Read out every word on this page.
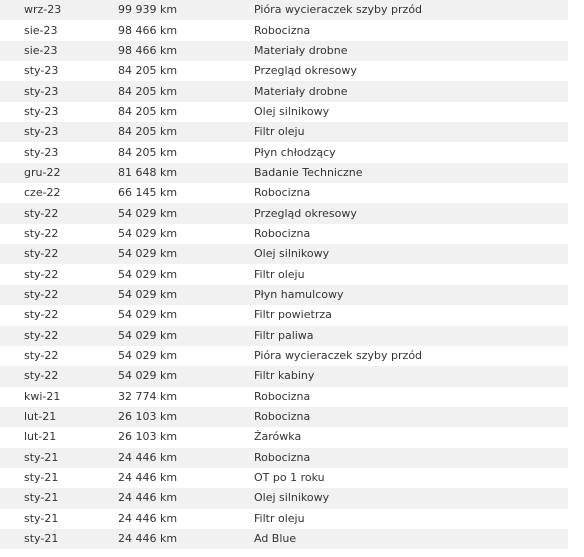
wrz-23	99 939 km	Pióra wycieraczek szyby przód
sie-23	98 466 km	Robocizna
sie-23	98 466 km	Materiały drobne
sty-23	84 205 km	Przegląd okresowy
sty-23	84 205 km	Materiały drobne
sty-23	84 205 km	Olej silnikowy
sty-23	84 205 km	Filtr oleju
sty-23	84 205 km	Płyn chłodzący
gru-22	81 648 km	Badanie Techniczne
cze-22	66 145 km	Robocizna
sty-22	54 029 km	Przegląd okresowy
sty-22	54 029 km	Robocizna
sty-22	54 029 km	Olej silnikowy
sty-22	54 029 km	Filtr oleju
sty-22	54 029 km	Płyn hamulcowy
sty-22	54 029 km	Filtr powietrza
sty-22	54 029 km	Filtr paliwa
sty-22	54 029 km	Pióra wycieraczek szyby przód
sty-22	54 029 km	Filtr kabiny
kwi-21	32 774 km	Robocizna
lut-21	26 103 km	Robocizna
lut-21	26 103 km	Żarówka
sty-21	24 446 km	Robocizna
sty-21	24 446 km	OT po 1 roku
sty-21	24 446 km	Olej silnikowy
sty-21	24 446 km	Filtr oleju
sty-21	24 446 km	Ad Blue
